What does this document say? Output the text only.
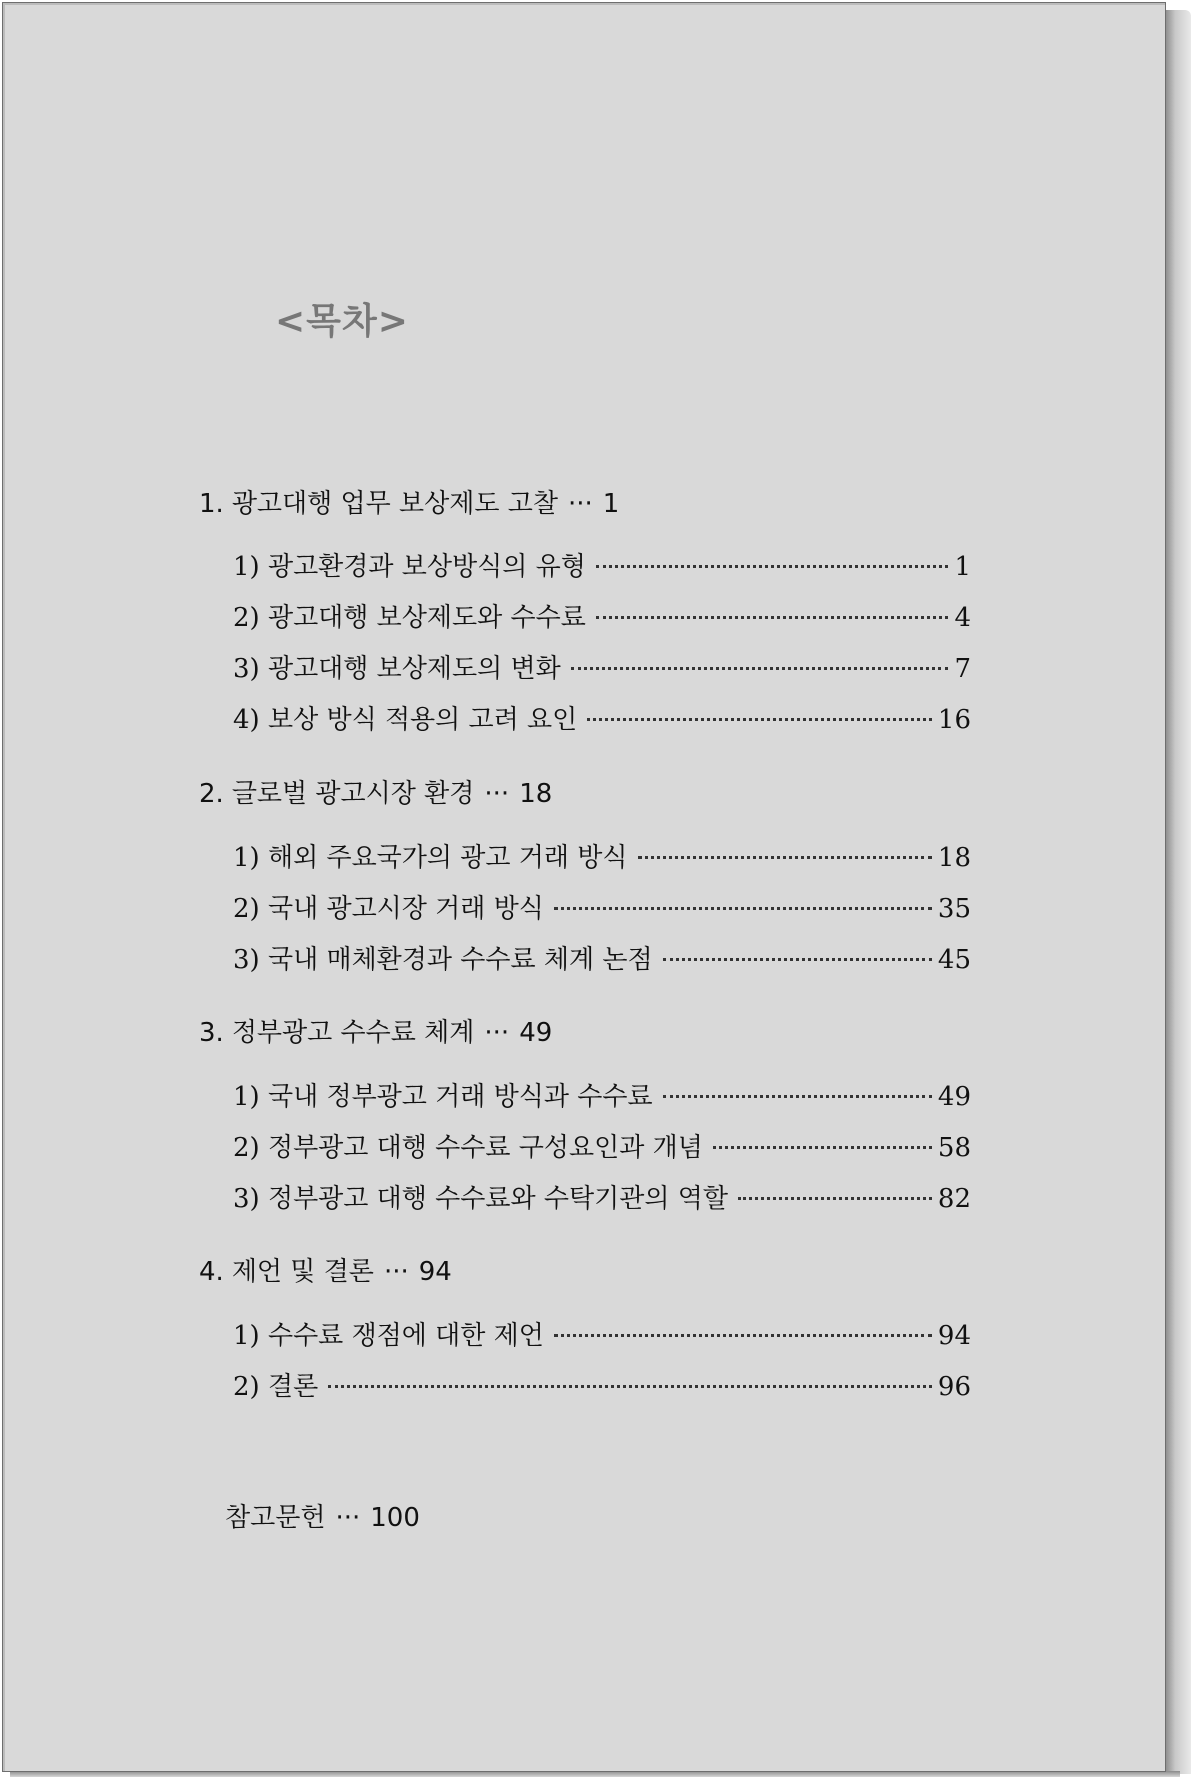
<목차>
1. 광고대행 업무 보상제도 고찰 ··· 1
1) 광고환경과 보상방식의 유형	1
2) 광고대행 보상제도와 수수료	4
3) 광고대행 보상제도의 변화	7
4) 보상 방식 적용의 고려 요인	16
2. 글로벌 광고시장 환경 ··· 18
1) 해외 주요국가의 광고 거래 방식	18
2) 국내 광고시장 거래 방식	35
3) 국내 매체환경과 수수료 체계 논점	45
3. 정부광고 수수료 체계 ··· 49
1) 국내 정부광고 거래 방식과 수수료	49
2) 정부광고 대행 수수료 구성요인과 개념	58
3) 정부광고 대행 수수료와 수탁기관의 역할	82
4. 제언 및 결론 ··· 94
1) 수수료 쟁점에 대한 제언	94
2) 결론	96
참고문헌 ··· 100
